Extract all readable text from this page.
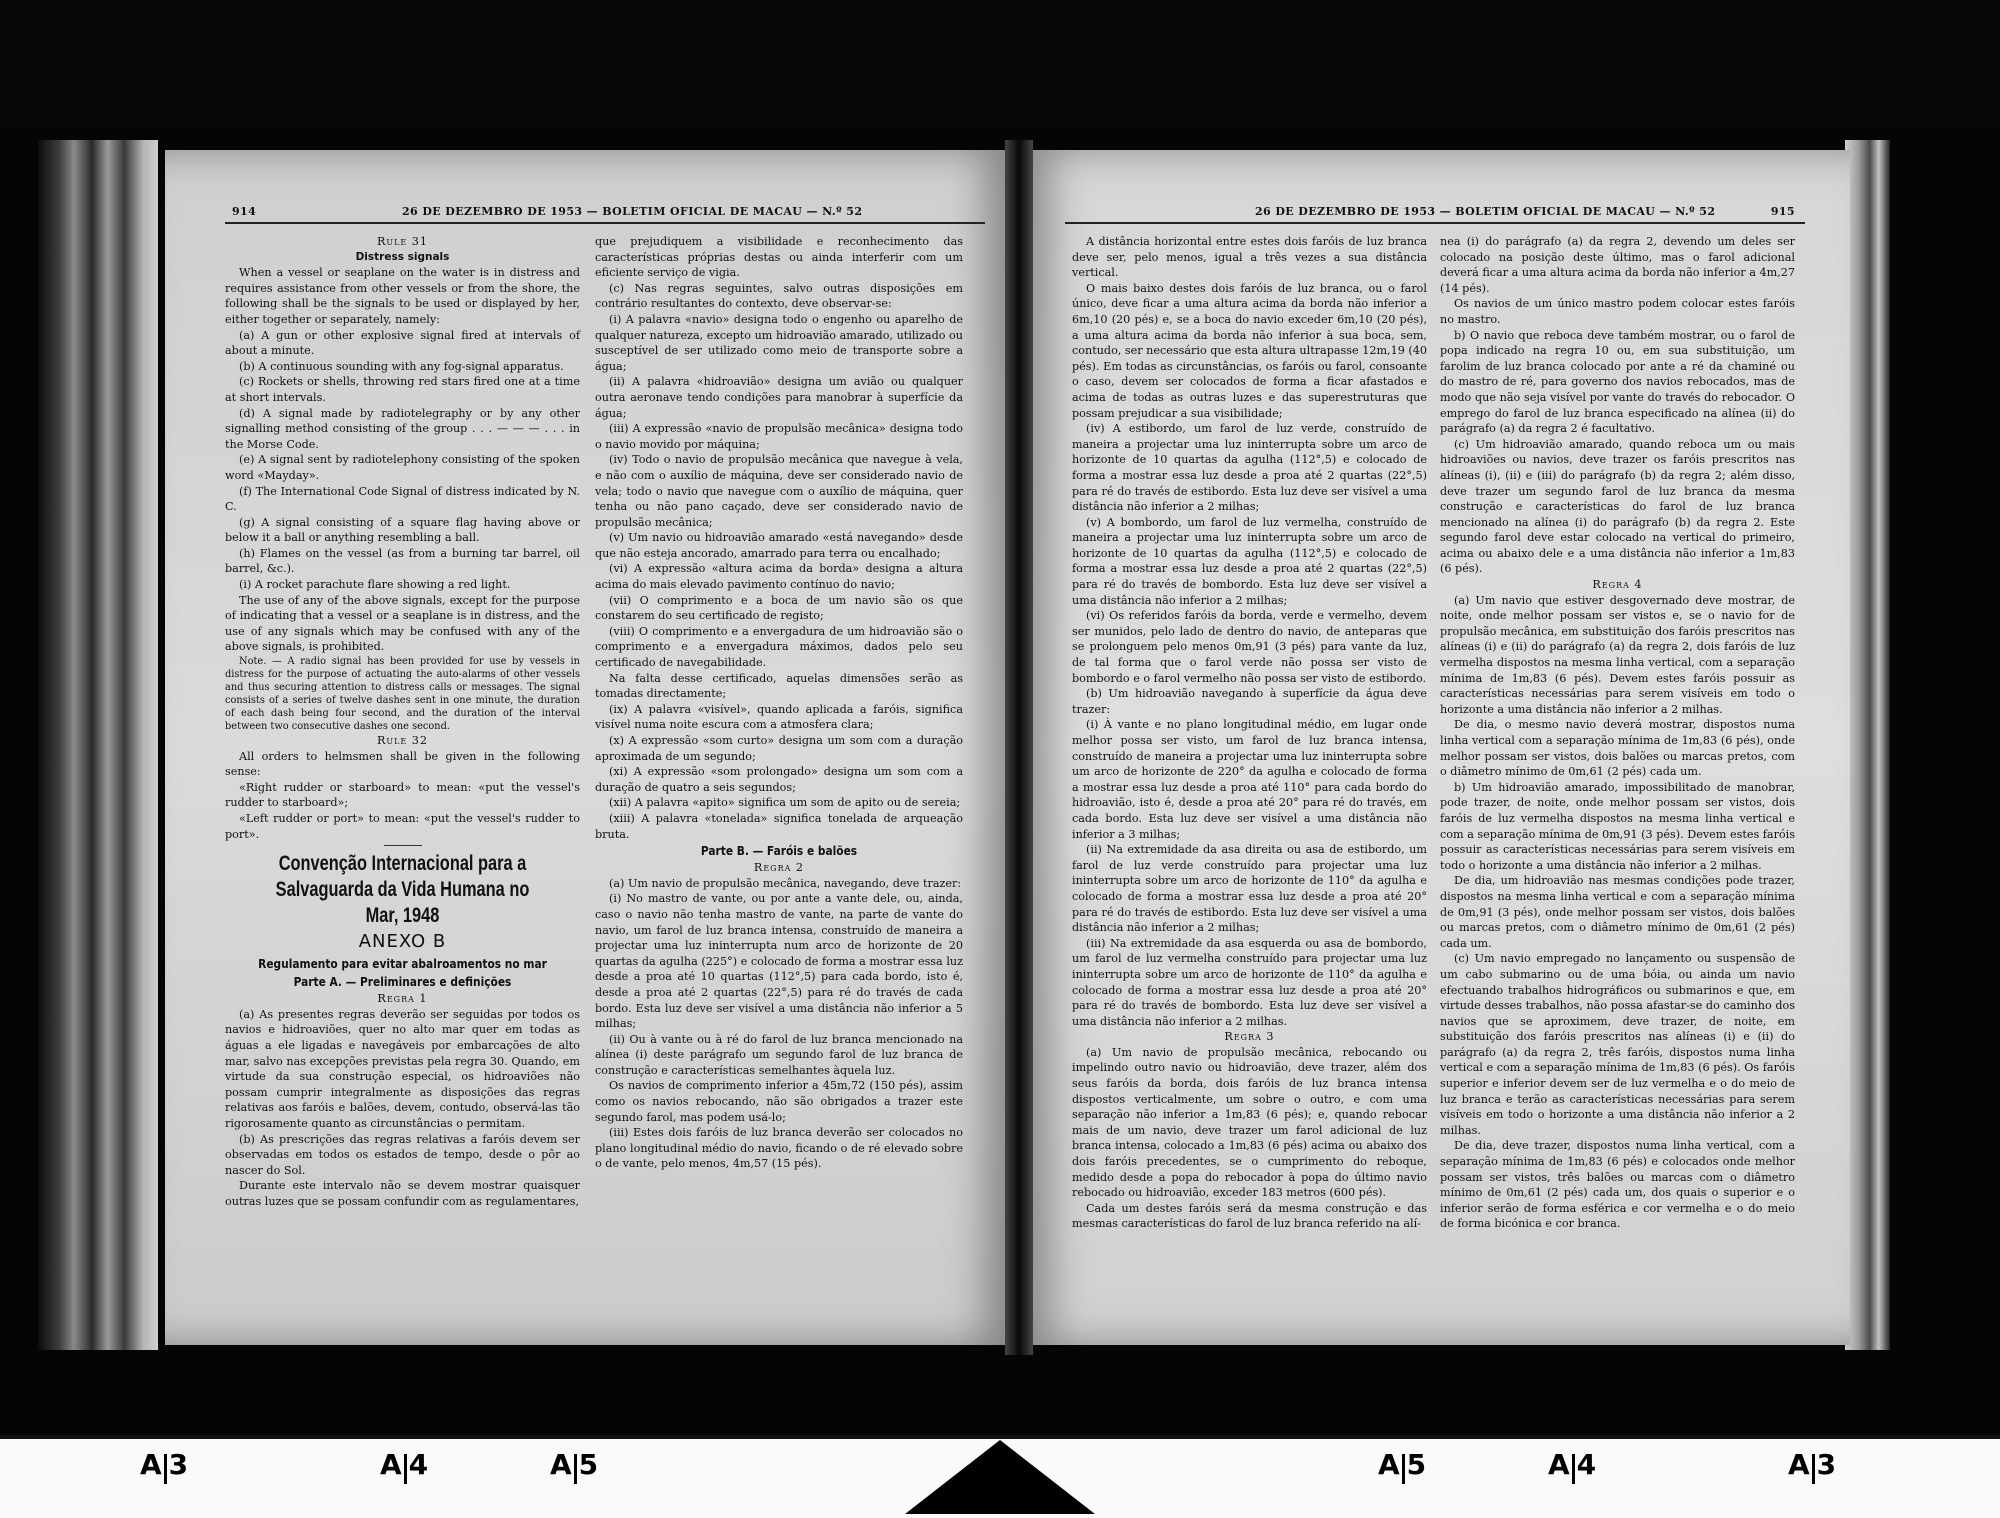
914	26 DE DEZEMBRO DE 1953 — BOLETIM OFICIAL DE MACAU — N.º 52

Rule 31

Distress signals

When a vessel or seaplane on the water is in distress and requires assistance from other vessels or from the shore, the following shall be the signals to be used or displayed by her, either together or separately, namely:

(a) A gun or other explosive signal fired at intervals of about a minute.

(b) A continuous sounding with any fog-signal apparatus.

(c) Rockets or shells, throwing red stars fired one at a time at short intervals.

(d) A signal made by radiotelegraphy or by any other signalling method consisting of the group . . . — — — . . . in the Morse Code.

(e) A signal sent by radiotelephony consisting of the spoken word «Mayday».

(f) The International Code Signal of distress indicated by N. C.

(g) A signal consisting of a square flag having above or below it a ball or anything resembling a ball.

(h) Flames on the vessel (as from a burning tar barrel, oil barrel, &c.).

(i) A rocket parachute flare showing a red light.

The use of any of the above signals, except for the purpose of indicating that a vessel or a seaplane is in distress, and the use of any signals which may be confused with any of the above signals, is prohibited.

Note. — A radio signal has been provided for use by vessels in distress for the purpose of actuating the auto-alarms of other vessels and thus securing attention to distress calls or messages. The signal consists of a series of twelve dashes sent in one minute, the duration of each dash being four second, and the duration of the interval between two consecutive dashes one second.

Rule 32

All orders to helmsmen shall be given in the following sense:

«Right rudder or starboard» to mean: «put the vessel's rudder to starboard»;

«Left rudder or port» to mean: «put the vessel's rudder to port».

Convenção Internacional para a Salvaguarda da Vida Humana no Mar, 1948

ANEXO B

Regulamento para evitar abalroamentos no mar

Parte A. — Preliminares e definições

Regra 1

(a) As presentes regras deverão ser seguidas por todos os navios e hidroaviões, quer no alto mar quer em todas as águas a ele ligadas e navegáveis por embarcações de alto mar, salvo nas excepções previstas pela regra 30. Quando, em virtude da sua construção especial, os hidroaviões não possam cumprir integralmente as disposições das regras relativas aos faróis e balões, devem, contudo, observá-las tão rigorosamente quanto as circunstâncias o permitam.

(b) As prescrições das regras relativas a faróis devem ser observadas em todos os estados de tempo, desde o pôr ao nascer do Sol.

Durante este intervalo não se devem mostrar quaisquer outras luzes que se possam confundir com as regulamentares,

que prejudiquem a visibilidade e reconhecimento das características próprias destas ou ainda interferir com um eficiente serviço de vigia.

(c) Nas regras seguintes, salvo outras disposições em contrário resultantes do contexto, deve observar-se:

(i) A palavra «navio» designa todo o engenho ou aparelho de qualquer natureza, excepto um hidroavião amarado, utilizado ou susceptível de ser utilizado como meio de transporte sobre a água;

(ii) A palavra «hidroavião» designa um avião ou qualquer outra aeronave tendo condições para manobrar à superfície da água;

(iii) A expressão «navio de propulsão mecânica» designa todo o navio movido por máquina;

(iv) Todo o navio de propulsão mecânica que navegue à vela, e não com o auxílio de máquina, deve ser considerado navio de vela; todo o navio que navegue com o auxílio de máquina, quer tenha ou não pano caçado, deve ser considerado navio de propulsão mecânica;

(v) Um navio ou hidroavião amarado «está navegando» desde que não esteja ancorado, amarrado para terra ou encalhado;

(vi) A expressão «altura acima da borda» designa a altura acima do mais elevado pavimento contínuo do navio;

(vii) O comprimento e a boca de um navio são os que constarem do seu certificado de registo;

(viii) O comprimento e a envergadura de um hidroavião são o comprimento e a envergadura máximos, dados pelo seu certificado de navegabilidade.

Na falta desse certificado, aquelas dimensões serão as tomadas directamente;

(ix) A palavra «visível», quando aplicada a faróis, significa visível numa noite escura com a atmosfera clara;

(x) A expressão «som curto» designa um som com a duração aproximada de um segundo;

(xi) A expressão «som prolongado» designa um som com a duração de quatro a seis segundos;

(xii) A palavra «apito» significa um som de apito ou de sereia;

(xiii) A palavra «tonelada» significa tonelada de arqueação bruta.

Parte B. — Faróis e balões

Regra 2

(a) Um navio de propulsão mecânica, navegando, deve trazer:

(i) No mastro de vante, ou por ante a vante dele, ou, ainda, caso o navio não tenha mastro de vante, na parte de vante do navio, um farol de luz branca intensa, construído de maneira a projectar uma luz ininterrupta num arco de horizonte de 20 quartas da agulha (225°) e colocado de forma a mostrar essa luz desde a proa até 10 quartas (112°,5) para cada bordo, isto é, desde a proa até 2 quartas (22°,5) para ré do través de cada bordo. Esta luz deve ser visível a uma distância não inferior a 5 milhas;

(ii) Ou à vante ou à ré do farol de luz branca mencionado na alínea (i) deste parágrafo um segundo farol de luz branca de construção e características semelhantes àquela luz.

Os navios de comprimento inferior a 45m,72 (150 pés), assim como os navios rebocando, não são obrigados a trazer este segundo farol, mas podem usá-lo;

(iii) Estes dois faróis de luz branca deverão ser colocados no plano longitudinal médio do navio, ficando o de ré elevado sobre o de vante, pelo menos, 4m,57 (15 pés).

26 DE DEZEMBRO DE 1953 — BOLETIM OFICIAL DE MACAU — N.º 52	915

A distância horizontal entre estes dois faróis de luz branca deve ser, pelo menos, igual a três vezes a sua distância vertical.

O mais baixo destes dois faróis de luz branca, ou o farol único, deve ficar a uma altura acima da borda não inferior a 6m,10 (20 pés) e, se a boca do navio exceder 6m,10 (20 pés), a uma altura acima da borda não inferior à sua boca, sem, contudo, ser necessário que esta altura ultrapasse 12m,19 (40 pés). Em todas as circunstâncias, os faróis ou farol, consoante o caso, devem ser colocados de forma a ficar afastados e acima de todas as outras luzes e das superestruturas que possam prejudicar a sua visibilidade;

(iv) A estibordo, um farol de luz verde, construído de maneira a projectar uma luz ininterrupta sobre um arco de horizonte de 10 quartas da agulha (112°,5) e colocado de forma a mostrar essa luz desde a proa até 2 quartas (22°,5) para ré do través de estibordo. Esta luz deve ser visível a uma distância não inferior a 2 milhas;

(v) A bombordo, um farol de luz vermelha, construído de maneira a projectar uma luz ininterrupta sobre um arco de horizonte de 10 quartas da agulha (112°,5) e colocado de forma a mostrar essa luz desde a proa até 2 quartas (22°,5) para ré do través de bombordo. Esta luz deve ser visível a uma distância não inferior a 2 milhas;

(vi) Os referidos faróis da borda, verde e vermelho, devem ser munidos, pelo lado de dentro do navio, de anteparas que se prolonguem pelo menos 0m,91 (3 pés) para vante da luz, de tal forma que o farol verde não possa ser visto de bombordo e o farol vermelho não possa ser visto de estibordo.

(b) Um hidroavião navegando à superfície da água deve trazer:

(i) À vante e no plano longitudinal médio, em lugar onde melhor possa ser visto, um farol de luz branca intensa, construído de maneira a projectar uma luz ininterrupta sobre um arco de horizonte de 220° da agulha e colocado de forma a mostrar essa luz desde a proa até 110° para cada bordo do hidroavião, isto é, desde a proa até 20° para ré do través, em cada bordo. Esta luz deve ser visível a uma distância não inferior a 3 milhas;

(ii) Na extremidade da asa direita ou asa de estibordo, um farol de luz verde construído para projectar uma luz ininterrupta sobre um arco de horizonte de 110° da agulha e colocado de forma a mostrar essa luz desde a proa até 20° para ré do través de estibordo. Esta luz deve ser visível a uma distância não inferior a 2 milhas;

(iii) Na extremidade da asa esquerda ou asa de bombordo, um farol de luz vermelha construído para projectar uma luz ininterrupta sobre um arco de horizonte de 110° da agulha e colocado de forma a mostrar essa luz desde a proa até 20° para ré do través de bombordo. Esta luz deve ser visível a uma distância não inferior a 2 milhas.

Regra 3

(a) Um navio de propulsão mecânica, rebocando ou impelindo outro navio ou hidroavião, deve trazer, além dos seus faróis da borda, dois faróis de luz branca intensa dispostos verticalmente, um sobre o outro, e com uma separação não inferior a 1m,83 (6 pés); e, quando rebocar mais de um navio, deve trazer um farol adicional de luz branca intensa, colocado a 1m,83 (6 pés) acima ou abaixo dos dois faróis precedentes, se o cumprimento do reboque, medido desde a popa do rebocador à popa do último navio rebocado ou hidroavião, exceder 183 metros (600 pés).

Cada um destes faróis será da mesma construção e das mesmas características do farol de luz branca referido na alí-

nea (i) do parágrafo (a) da regra 2, devendo um deles ser colocado na posição deste último, mas o farol adicional deverá ficar a uma altura acima da borda não inferior a 4m,27 (14 pés).

Os navios de um único mastro podem colocar estes faróis no mastro.

b) O navio que reboca deve também mostrar, ou o farol de popa indicado na regra 10 ou, em sua substituição, um farolim de luz branca colocado por ante a ré da chaminé ou do mastro de ré, para governo dos navios rebocados, mas de modo que não seja visível por vante do través do rebocador. O emprego do farol de luz branca especificado na alínea (ii) do parágrafo (a) da regra 2 é facultativo.

(c) Um hidroavião amarado, quando reboca um ou mais hidroaviões ou navios, deve trazer os faróis prescritos nas alíneas (i), (ii) e (iii) do parágrafo (b) da regra 2; além disso, deve trazer um segundo farol de luz branca da mesma construção e características do farol de luz branca mencionado na alínea (i) do parágrafo (b) da regra 2. Este segundo farol deve estar colocado na vertical do primeiro, acima ou abaixo dele e a uma distância não inferior a 1m,83 (6 pés).

Regra 4

(a) Um navio que estiver desgovernado deve mostrar, de noite, onde melhor possam ser vistos e, se o navio for de propulsão mecânica, em substituição dos faróis prescritos nas alíneas (i) e (ii) do parágrafo (a) da regra 2, dois faróis de luz vermelha dispostos na mesma linha vertical, com a separação mínima de 1m,83 (6 pés). Devem estes faróis possuir as características necessárias para serem visíveis em todo o horizonte a uma distância não inferior a 2 milhas.

De dia, o mesmo navio deverá mostrar, dispostos numa linha vertical com a separação mínima de 1m,83 (6 pés), onde melhor possam ser vistos, dois balões ou marcas pretos, com o diâmetro mínimo de 0m,61 (2 pés) cada um.

b) Um hidroavião amarado, impossibilitado de manobrar, pode trazer, de noite, onde melhor possam ser vistos, dois faróis de luz vermelha dispostos na mesma linha vertical e com a separação mínima de 0m,91 (3 pés). Devem estes faróis possuir as características necessárias para serem visíveis em todo o horizonte a uma distância não inferior a 2 milhas.

De dia, um hidroavião nas mesmas condições pode trazer, dispostos na mesma linha vertical e com a separação mínima de 0m,91 (3 pés), onde melhor possam ser vistos, dois balões ou marcas pretos, com o diâmetro mínimo de 0m,61 (2 pés) cada um.

(c) Um navio empregado no lançamento ou suspensão de um cabo submarino ou de uma bóia, ou ainda um navio efectuando trabalhos hidrográficos ou submarinos e que, em virtude desses trabalhos, não possa afastar-se do caminho dos navios que se aproximem, deve trazer, de noite, em substituição dos faróis prescritos nas alíneas (i) e (ii) do parágrafo (a) da regra 2, três faróis, dispostos numa linha vertical e com a separação mínima de 1m,83 (6 pés). Os faróis superior e inferior devem ser de luz vermelha e o do meio de luz branca e terão as características necessárias para serem visíveis em todo o horizonte a uma distância não inferior a 2 milhas.

De dia, deve trazer, dispostos numa linha vertical, com a separação mínima de 1m,83 (6 pés) e colocados onde melhor possam ser vistos, três balões ou marcas com o diâmetro mínimo de 0m,61 (2 pés) cada um, dos quais o superior e o inferior serão de forma esférica e cor vermelha e o do meio de forma bicónica e cor branca.

A 3	A 4	A 5	A 5	A 4	A 3
